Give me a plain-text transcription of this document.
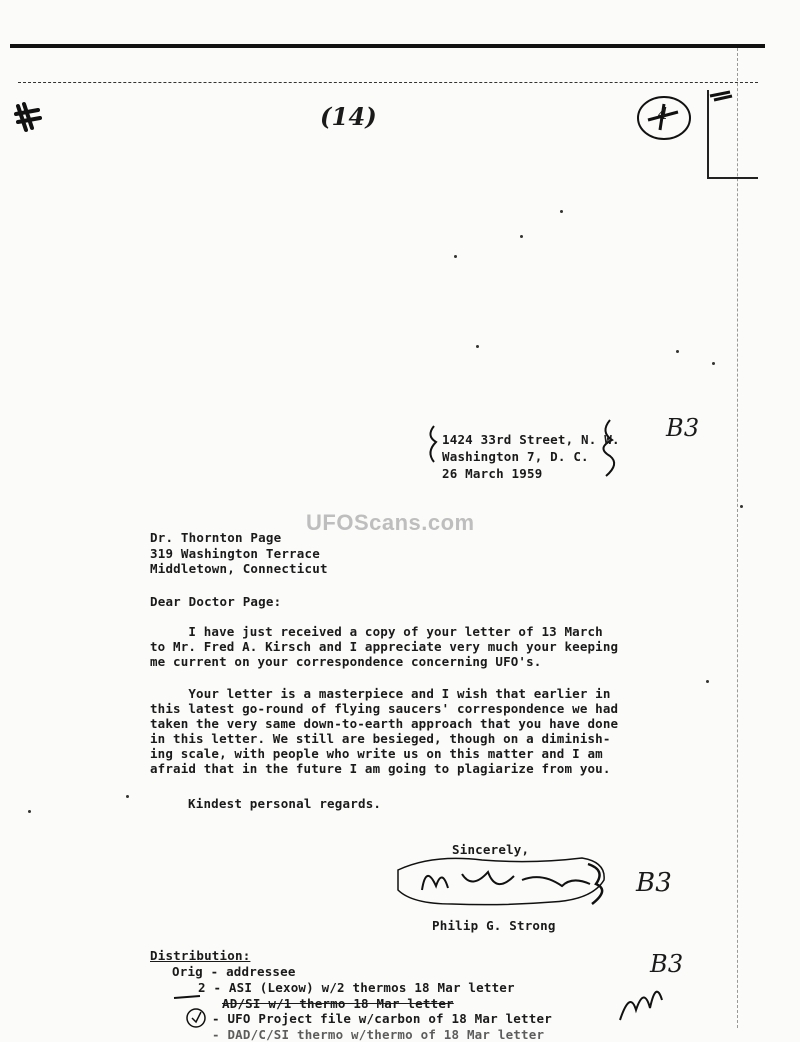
(14)	4
1424 33rd Street, N. W.
Washington 7, D. C.
26 March 1959
B3
UFOScans.com
Dr. Thornton Page
319 Washington Terrace
Middletown, Connecticut
Dear Doctor Page:
I have just received a copy of your letter of 13 March
to Mr. Fred A. Kirsch and I appreciate very much your keeping
me current on your correspondence concerning UFO's.
Your letter is a masterpiece and I wish that earlier in
this latest go-round of flying saucers' correspondence we had
taken the very same down-to-earth approach that you have done
in this letter. We still are besieged, though on a diminish-
ing scale, with people who write us on this matter and I am
afraid that in the future I am going to plagiarize from you.
Kindest personal regards.
Sincerely,
B3
Philip G. Strong
Distribution:
Orig - addressee
2 - ASI (Lexow) w/2 thermos 18 Mar letter
AD/SI w/1 thermo 18 Mar letter
- UFO Project file w/carbon of 18 Mar letter
- DAD/C/SI thermo w/thermo of 18 Mar letter
B3
